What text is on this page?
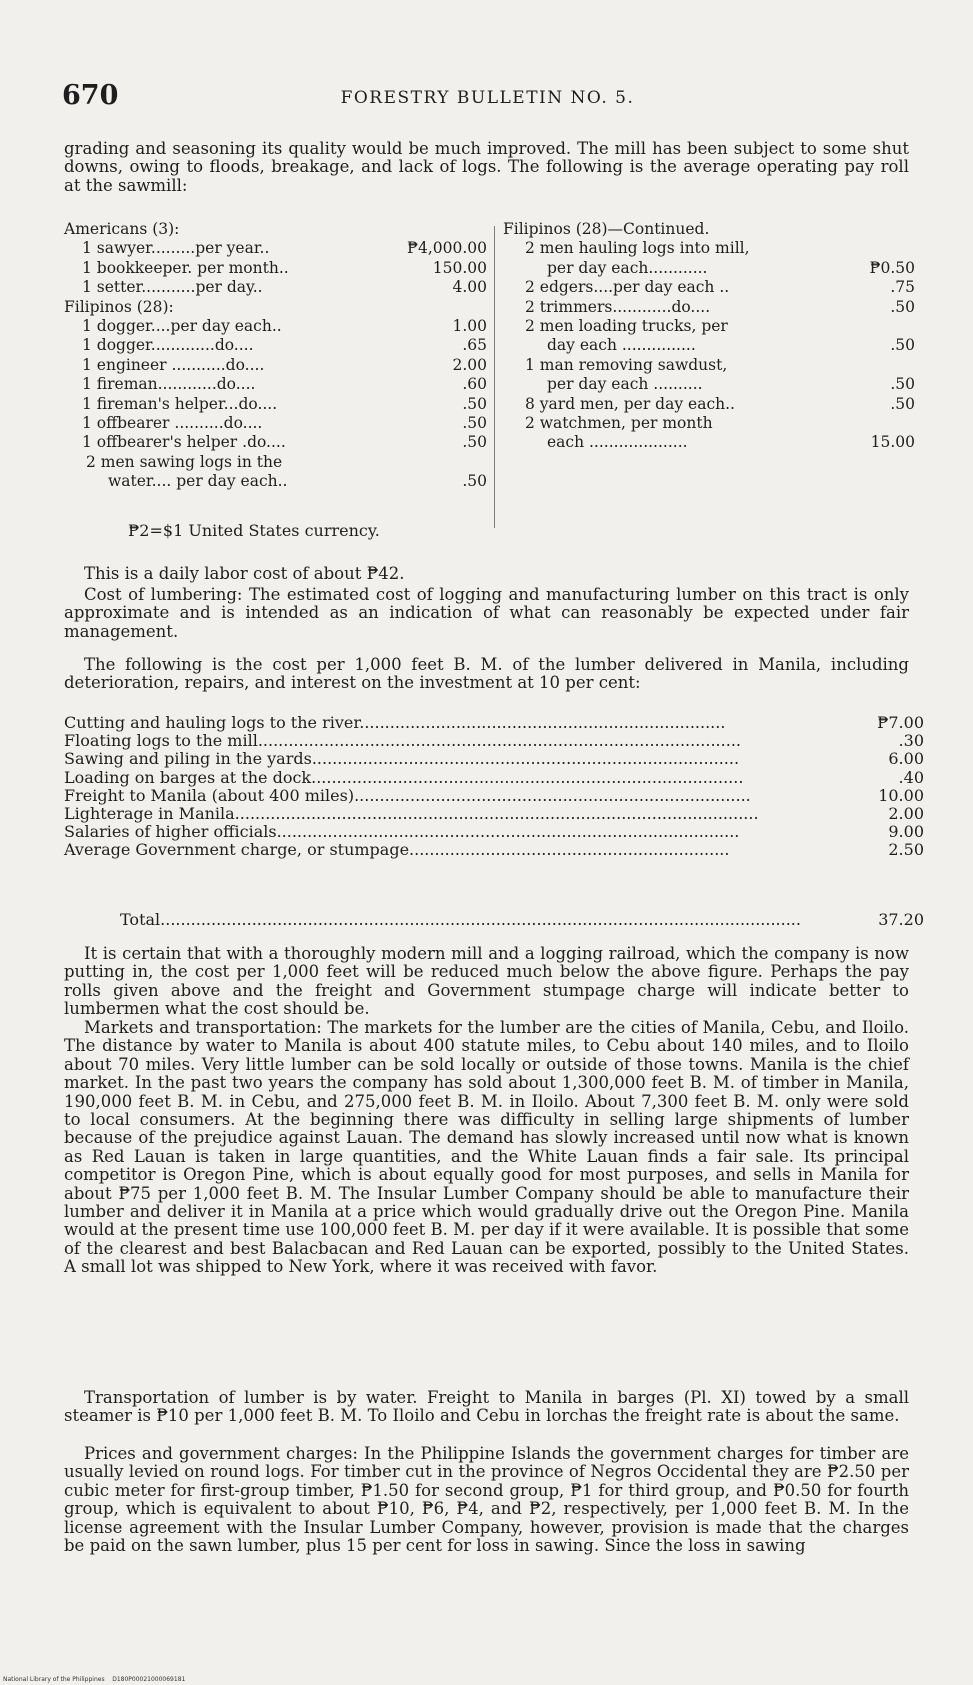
670	FORESTRY BULLETIN NO. 5.

grading and seasoning its quality would be much improved. The mill has been subject to some shut downs, owing to floods, breakage, and lack of logs. The following is the average operating pay roll at the sawmill:

Americans (3):
1 sawyer.........per year..	₱4,000.00
1 bookkeeper. per month..	150.00
1 setter...........per day..	4.00
Filipinos (28):
1 dogger....per day each..	1.00
1 dogger.............do....	.65
1 engineer ...........do....	2.00
1 fireman............do....	.60
1 fireman's helper...do....	.50
1 offbearer ..........do....	.50
1 offbearer's helper .do....	.50
2 men sawing logs in the
water.... per day each..	.50
Filipinos (28)—Continued.
2 men hauling logs into mill,
per day each............	₱0.50
2 edgers....per day each ..	.75
2 trimmers............do....	.50
2 men loading trucks, per
day each ...............	.50
1 man removing sawdust,
per day each ..........	.50
8 yard men, per day each..	.50
2 watchmen, per month
each ....................	15.00
₱2=$1 United States currency.

This is a daily labor cost of about ₱42.

Cost of lumbering: The estimated cost of logging and manufacturing lumber on this tract is only approximate and is intended as an indication of what can reasonably be expected under fair management.

The following is the cost per 1,000 feet B. M. of the lumber delivered in Manila, including deterioration, repairs, and interest on the investment at 10 per cent:

Cutting and hauling logs to the river........................................................................	₱7.00
Floating logs to the mill...............................................................................................	.30
Sawing and piling in the yards....................................................................................	6.00
Loading on barges at the dock.....................................................................................	.40
Freight to Manila (about 400 miles)..............................................................................	10.00
Lighterage in Manila.......................................................................................................	2.00
Salaries of higher officials...........................................................................................	9.00
Average Government charge, or stumpage...............................................................	2.50
Total..............................................................................................................................	37.20

It is certain that with a thoroughly modern mill and a logging railroad, which the company is now putting in, the cost per 1,000 feet will be reduced much below the above figure. Perhaps the pay rolls given above and the freight and Government stumpage charge will indicate better to lumbermen what the cost should be.

Markets and transportation: The markets for the lumber are the cities of Manila, Cebu, and Iloilo. The distance by water to Manila is about 400 statute miles, to Cebu about 140 miles, and to Iloilo about 70 miles. Very little lumber can be sold locally or outside of those towns. Manila is the chief market. In the past two years the company has sold about 1,300,000 feet B. M. of timber in Manila, 190,000 feet B. M. in Cebu, and 275,000 feet B. M. in Iloilo. About 7,300 feet B. M. only were sold to local consumers. At the beginning there was difficulty in selling large shipments of lumber because of the prejudice against Lauan. The demand has slowly increased until now what is known as Red Lauan is taken in large quantities, and the White Lauan finds a fair sale. Its principal competitor is Oregon Pine, which is about equally good for most purposes, and sells in Manila for about ₱75 per 1,000 feet B. M. The Insular Lumber Company should be able to manufacture their lumber and deliver it in Manila at a price which would gradually drive out the Oregon Pine. Manila would at the present time use 100,000 feet B. M. per day if it were available. It is possible that some of the clearest and best Balacbacan and Red Lauan can be exported, possibly to the United States. A small lot was shipped to New York, where it was received with favor.

Transportation of lumber is by water. Freight to Manila in barges (Pl. XI) towed by a small steamer is ₱10 per 1,000 feet B. M. To Iloilo and Cebu in lorchas the freight rate is about the same.

Prices and government charges: In the Philippine Islands the government charges for timber are usually levied on round logs. For timber cut in the province of Negros Occidental they are ₱2.50 per cubic meter for first-group timber, ₱1.50 for second group, ₱1 for third group, and ₱0.50 for fourth group, which is equivalent to about ₱10, ₱6, ₱4, and ₱2, respectively, per 1,000 feet B. M. In the license agreement with the Insular Lumber Company, however, provision is made that the charges be paid on the sawn lumber, plus 15 per cent for loss in sawing. Since the loss in sawing

National Library of the Philippines    D180P00021000069181
